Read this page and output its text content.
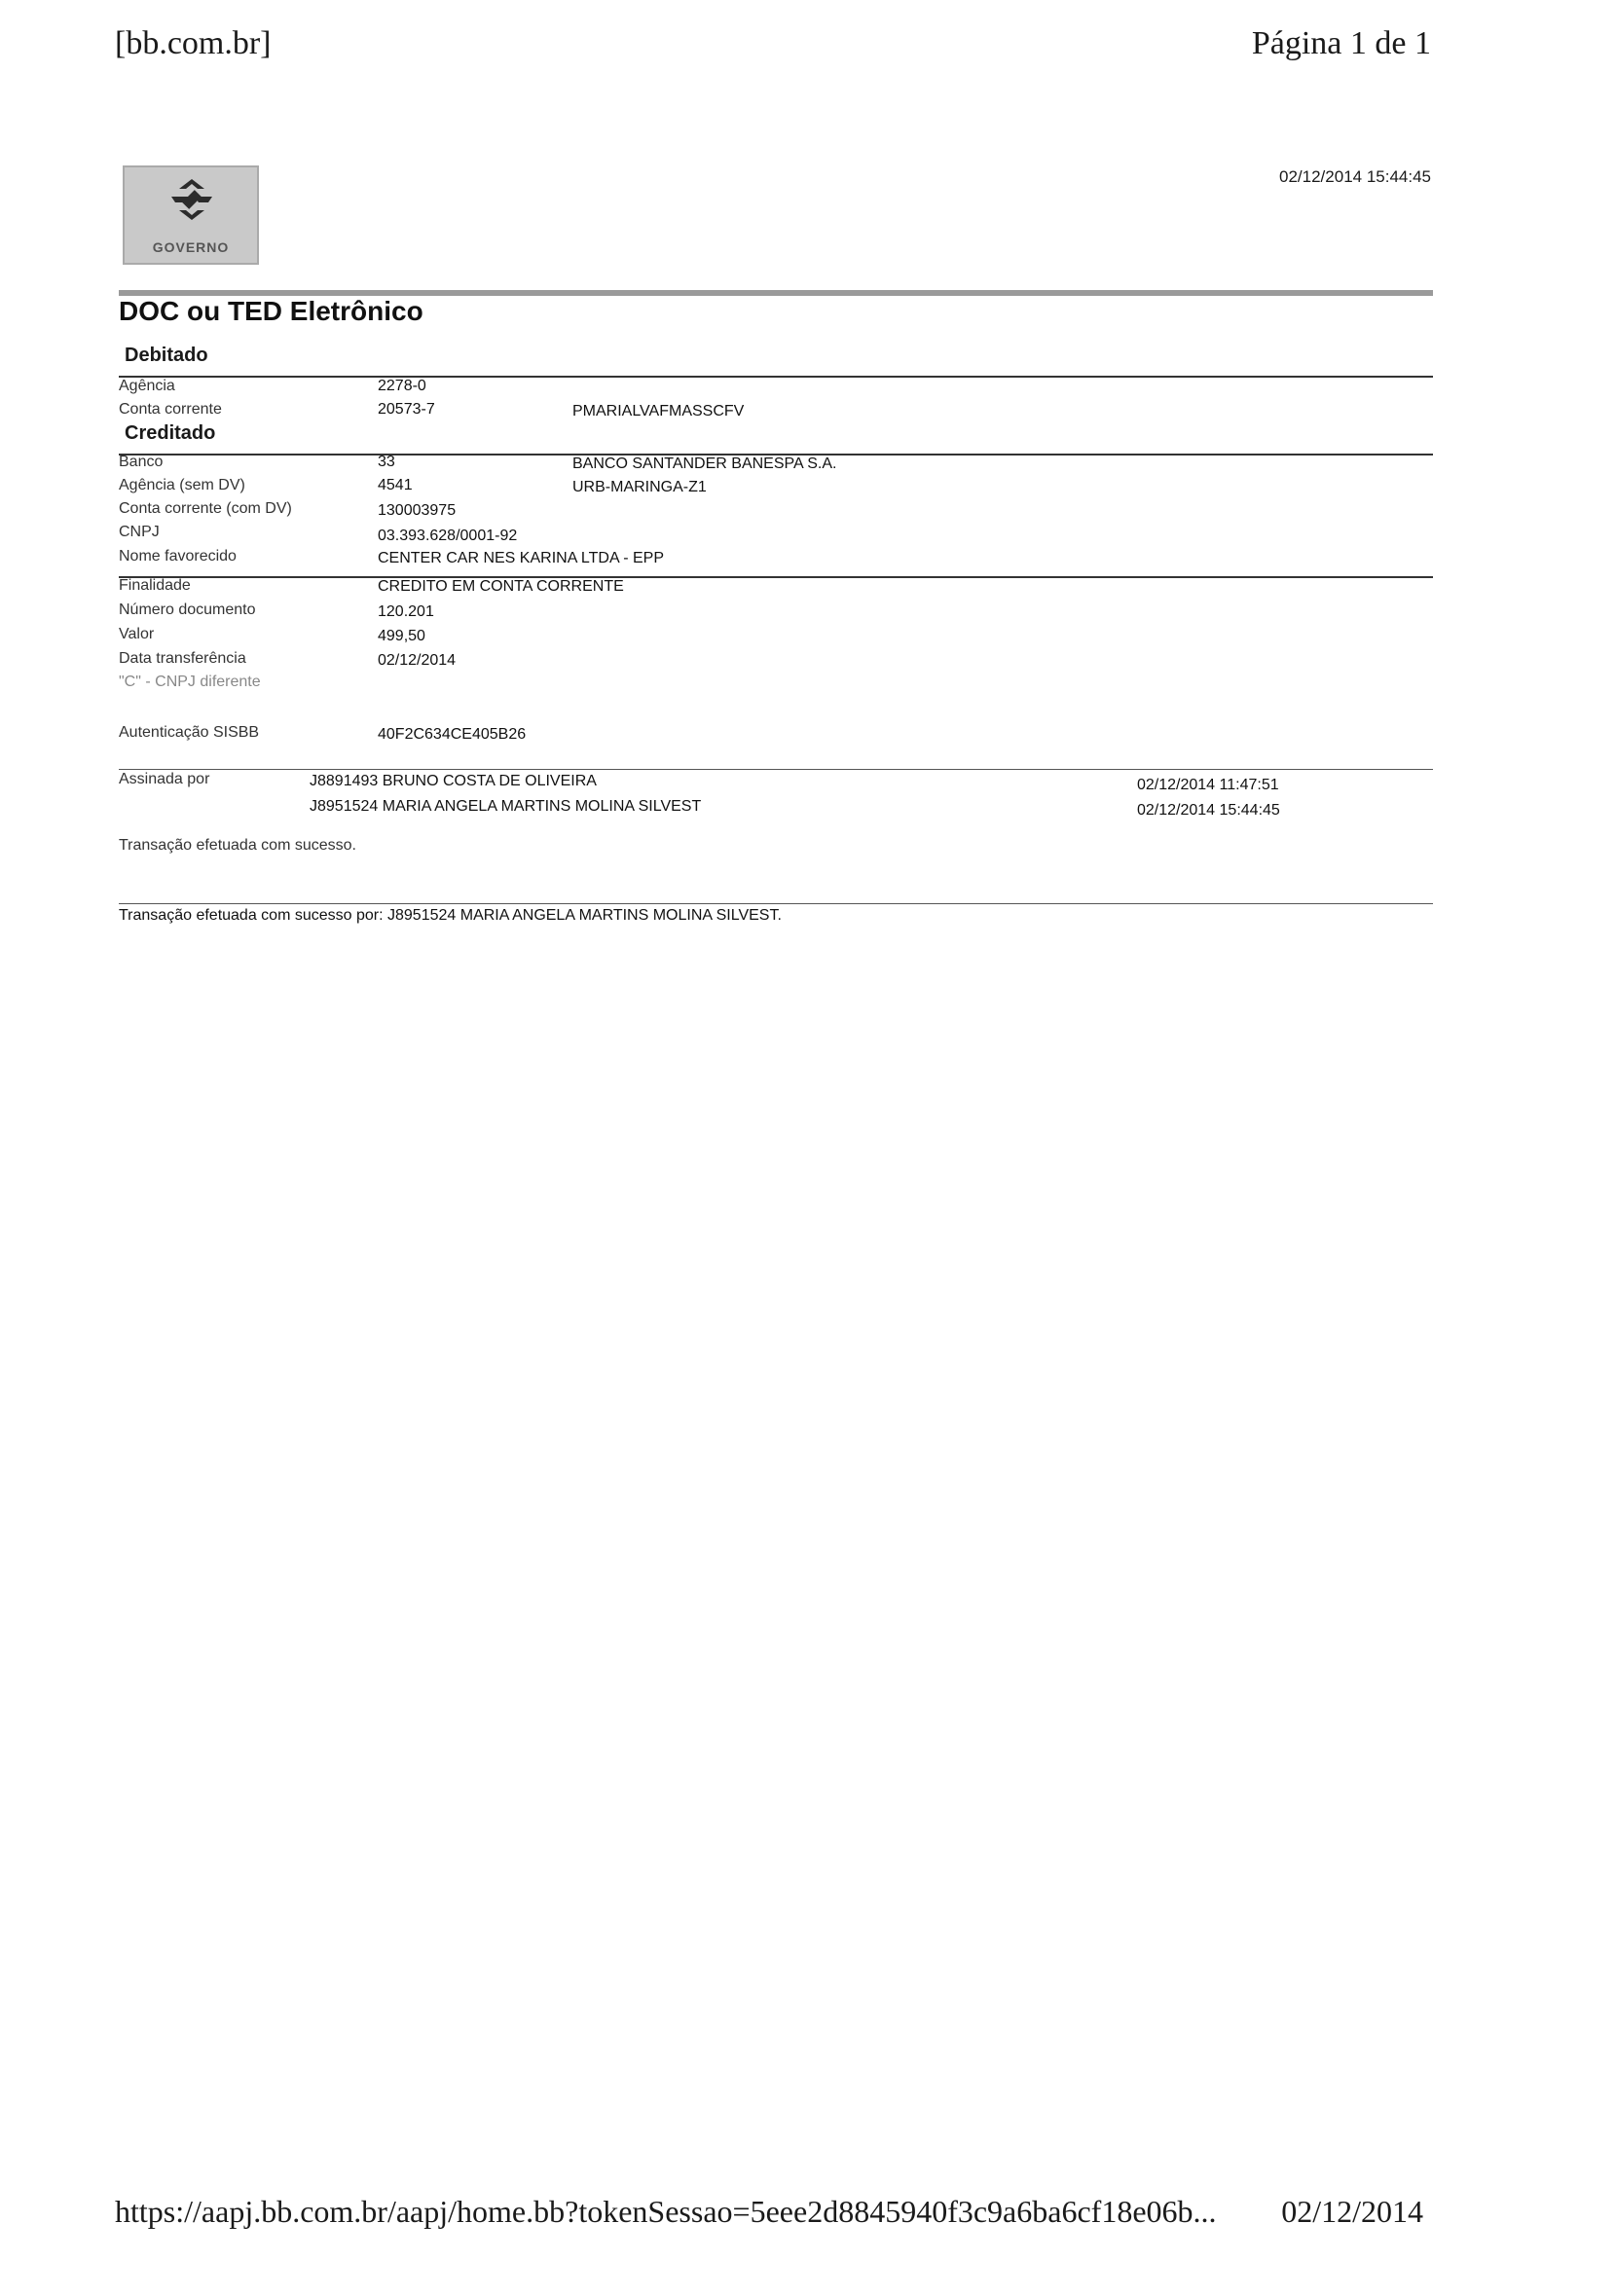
[bb.com.br]	Página 1 de 1
GOVERNO
02/12/2014 15:44:45
DOC ou TED Eletrônico
Debitado
Agência	2278-0
Conta corrente	20573-7	PMARIALVAFMASSCFV
Creditado
Banco	33	BANCO SANTANDER BANESPA S.A.
Agência (sem DV)	4541	URB-MARINGA-Z1
Conta corrente (com DV)	130003975
CNPJ	03.393.628/0001-92
Nome favorecido	CENTER CAR NES KARINA LTDA - EPP
Finalidade	CREDITO EM CONTA CORRENTE
Número documento	120.201
Valor	499,50
Data transferência	02/12/2014
"C" - CNPJ diferente
Autenticação SISBB	40F2C634CE405B26
Assinada por	J8891493 BRUNO COSTA DE OLIVEIRA	02/12/2014 11:47:51
J8951524 MARIA ANGELA MARTINS MOLINA SILVEST	02/12/2014 15:44:45
Transação efetuada com sucesso.
Transação efetuada com sucesso por: J8951524 MARIA ANGELA MARTINS MOLINA SILVEST.
https://aapj.bb.com.br/aapj/home.bb?tokenSessao=5eee2d8845940f3c9a6ba6cf18e06b... 02/12/2014
